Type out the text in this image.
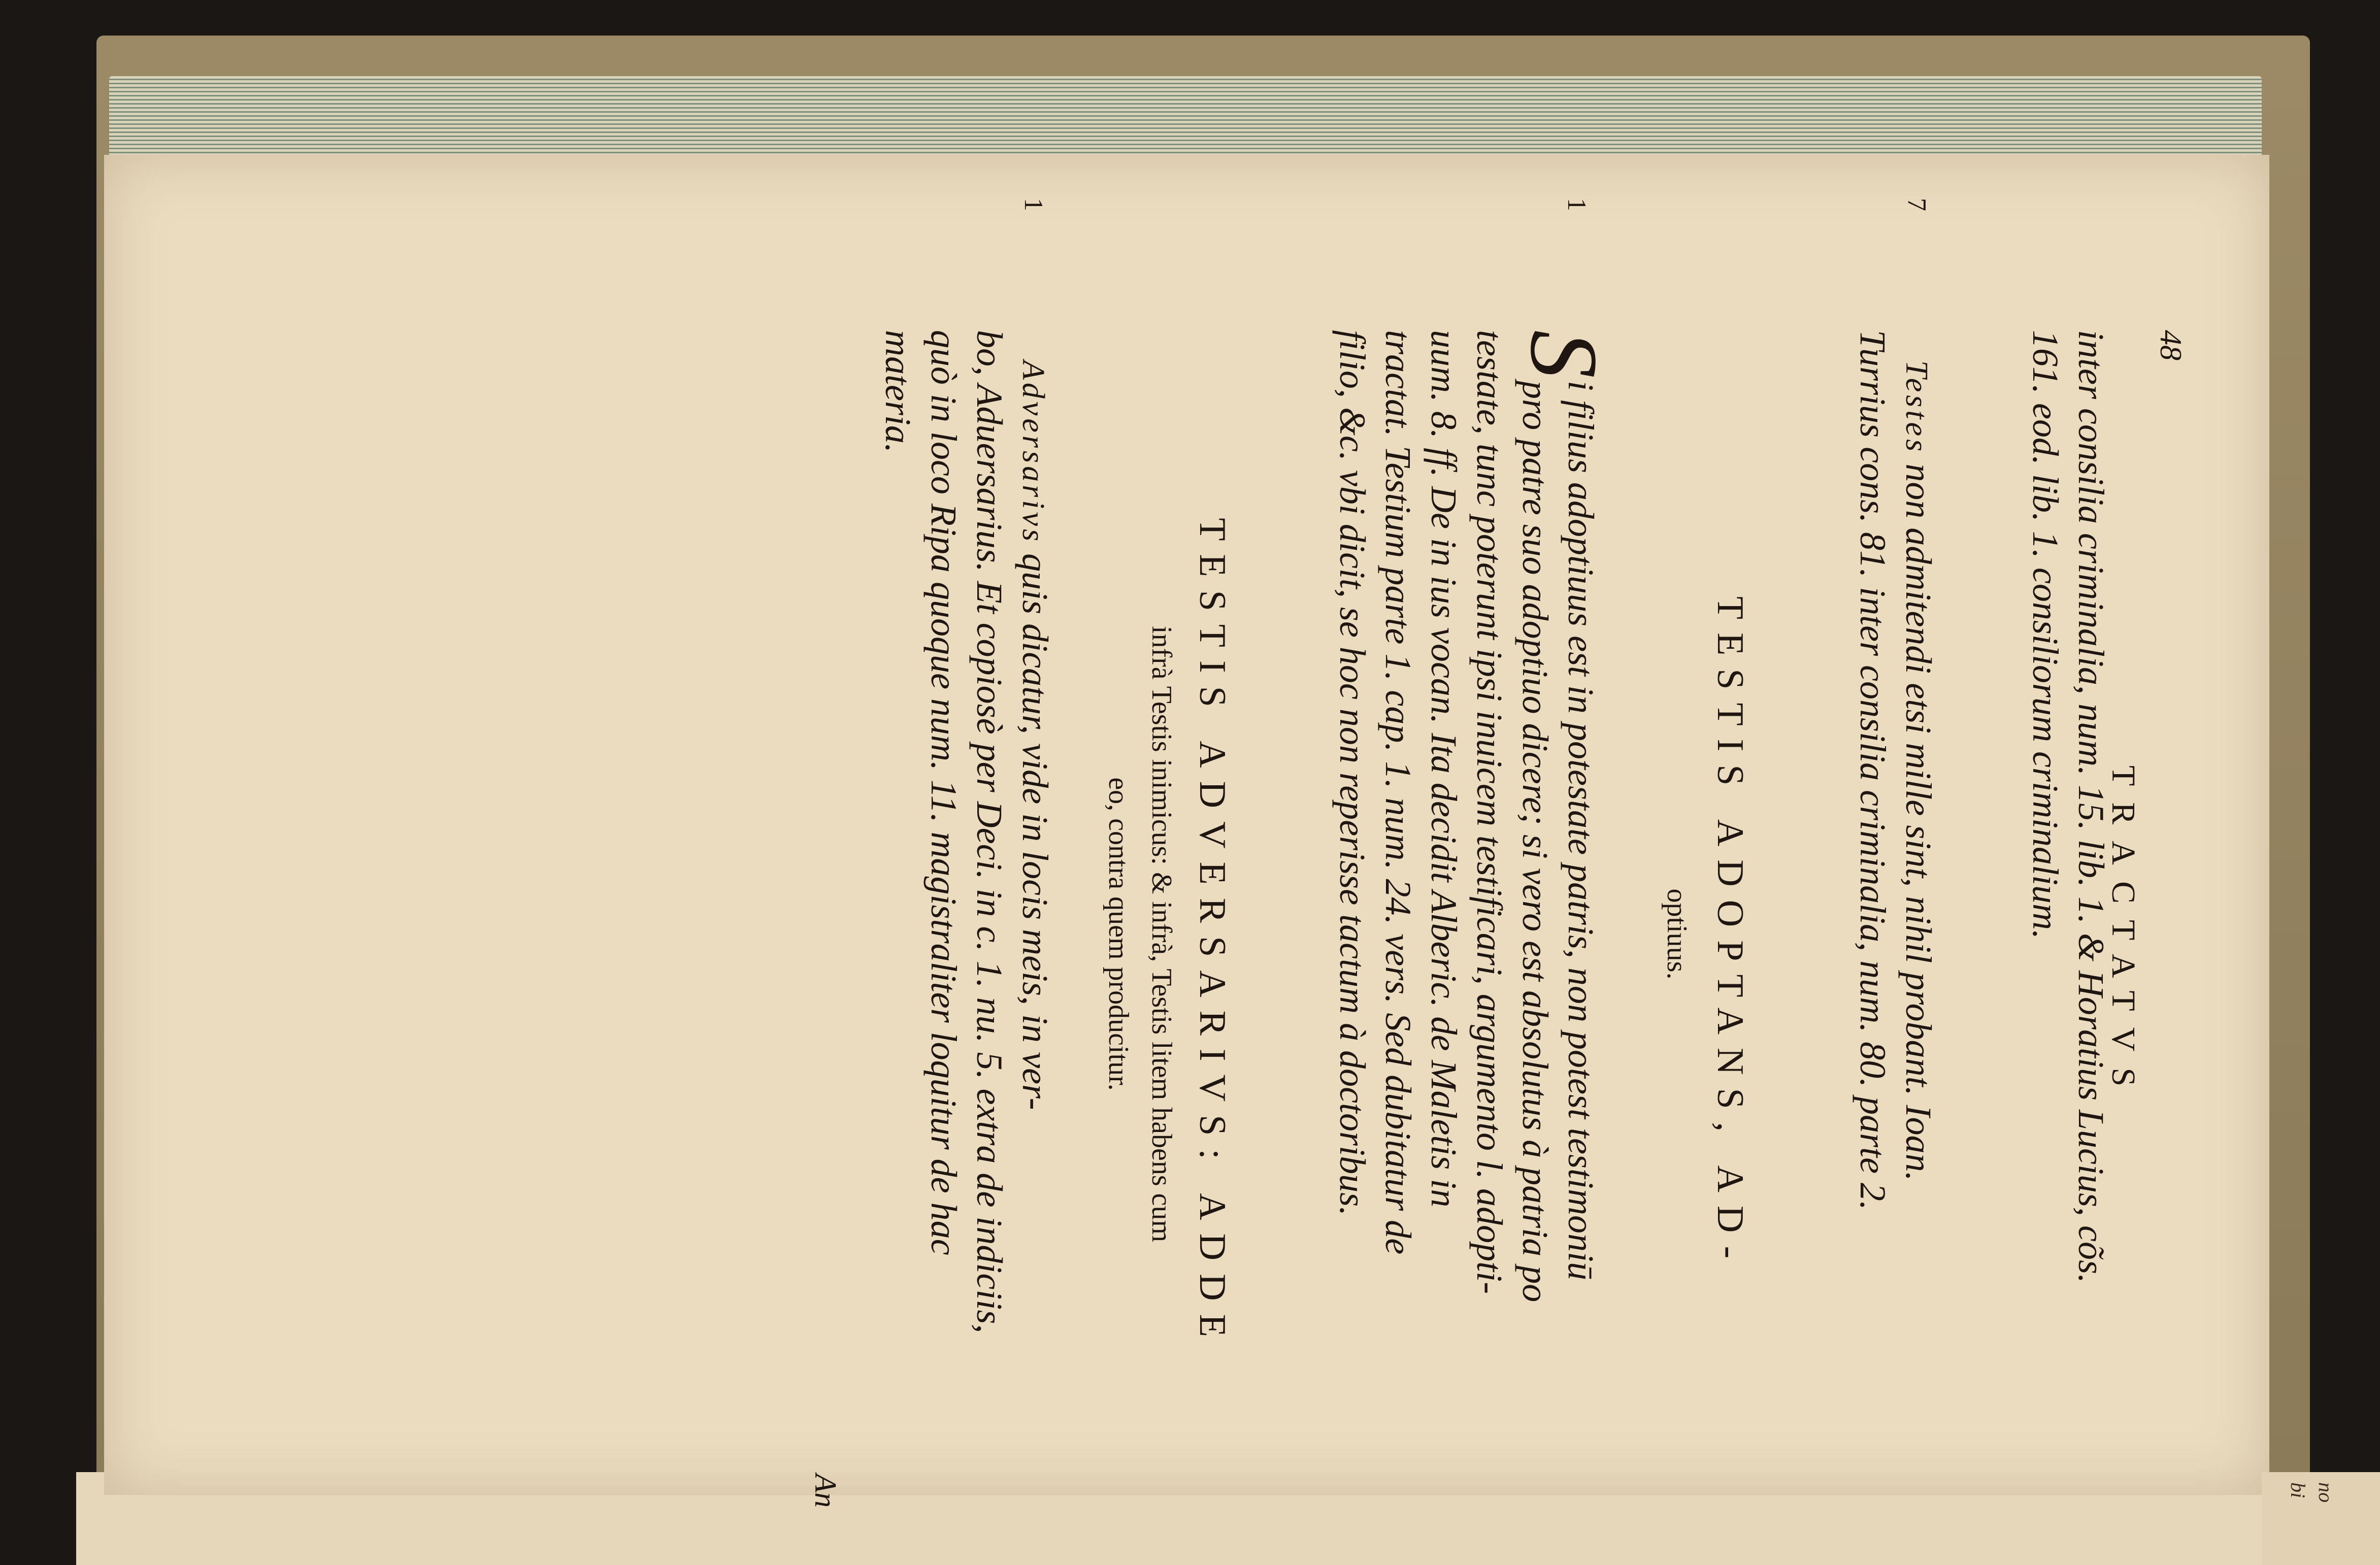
no
bi
48
TRACTATVS
inter consilia criminalia, num. 15. lib. 1. & Horatius Lucius, cõs.
161. eod. lib. 1. consiliorum criminalium.
7
Testes non admitendi etsi mille sint, nihil probant. Ioan.
Turrius cons. 81. inter consilia criminalia, num. 80. parte 2.
TESTIS ADOPTANS, AD-
optiuus.
1
S
i filius adoptiuus est in potestate patris, non potest testimoniū
pro patre suo adoptiuo dicere; si vero est absolutus à patria po
testate, tunc poterunt ipsi inuicem testificari, argumento l. adopti-
uum. 8. ff. De in ius vocan. Ita decidit Alberic. de Maletis in
tractat. Testium parte 1. cap. 1. num. 24. vers. Sed dubitatur de
filio, &c. vbi dicit, se hoc non reperisse tactum à doctoribus.
TESTIS ADVERSARIVS: ADDE
infrà Testis inimicus: & infrà, Testis litem habens cum
eo, contra quem producitur.
1
Adversarivs quis dicatur, vide in locis meis, in ver-
bo, Aduersarius. Et copiosè per Deci. in c. 1. nu. 5. extra de indiciis,
quò in loco Ripa quoque num. 11. magistraliter loquitur de hac
materia.
An
